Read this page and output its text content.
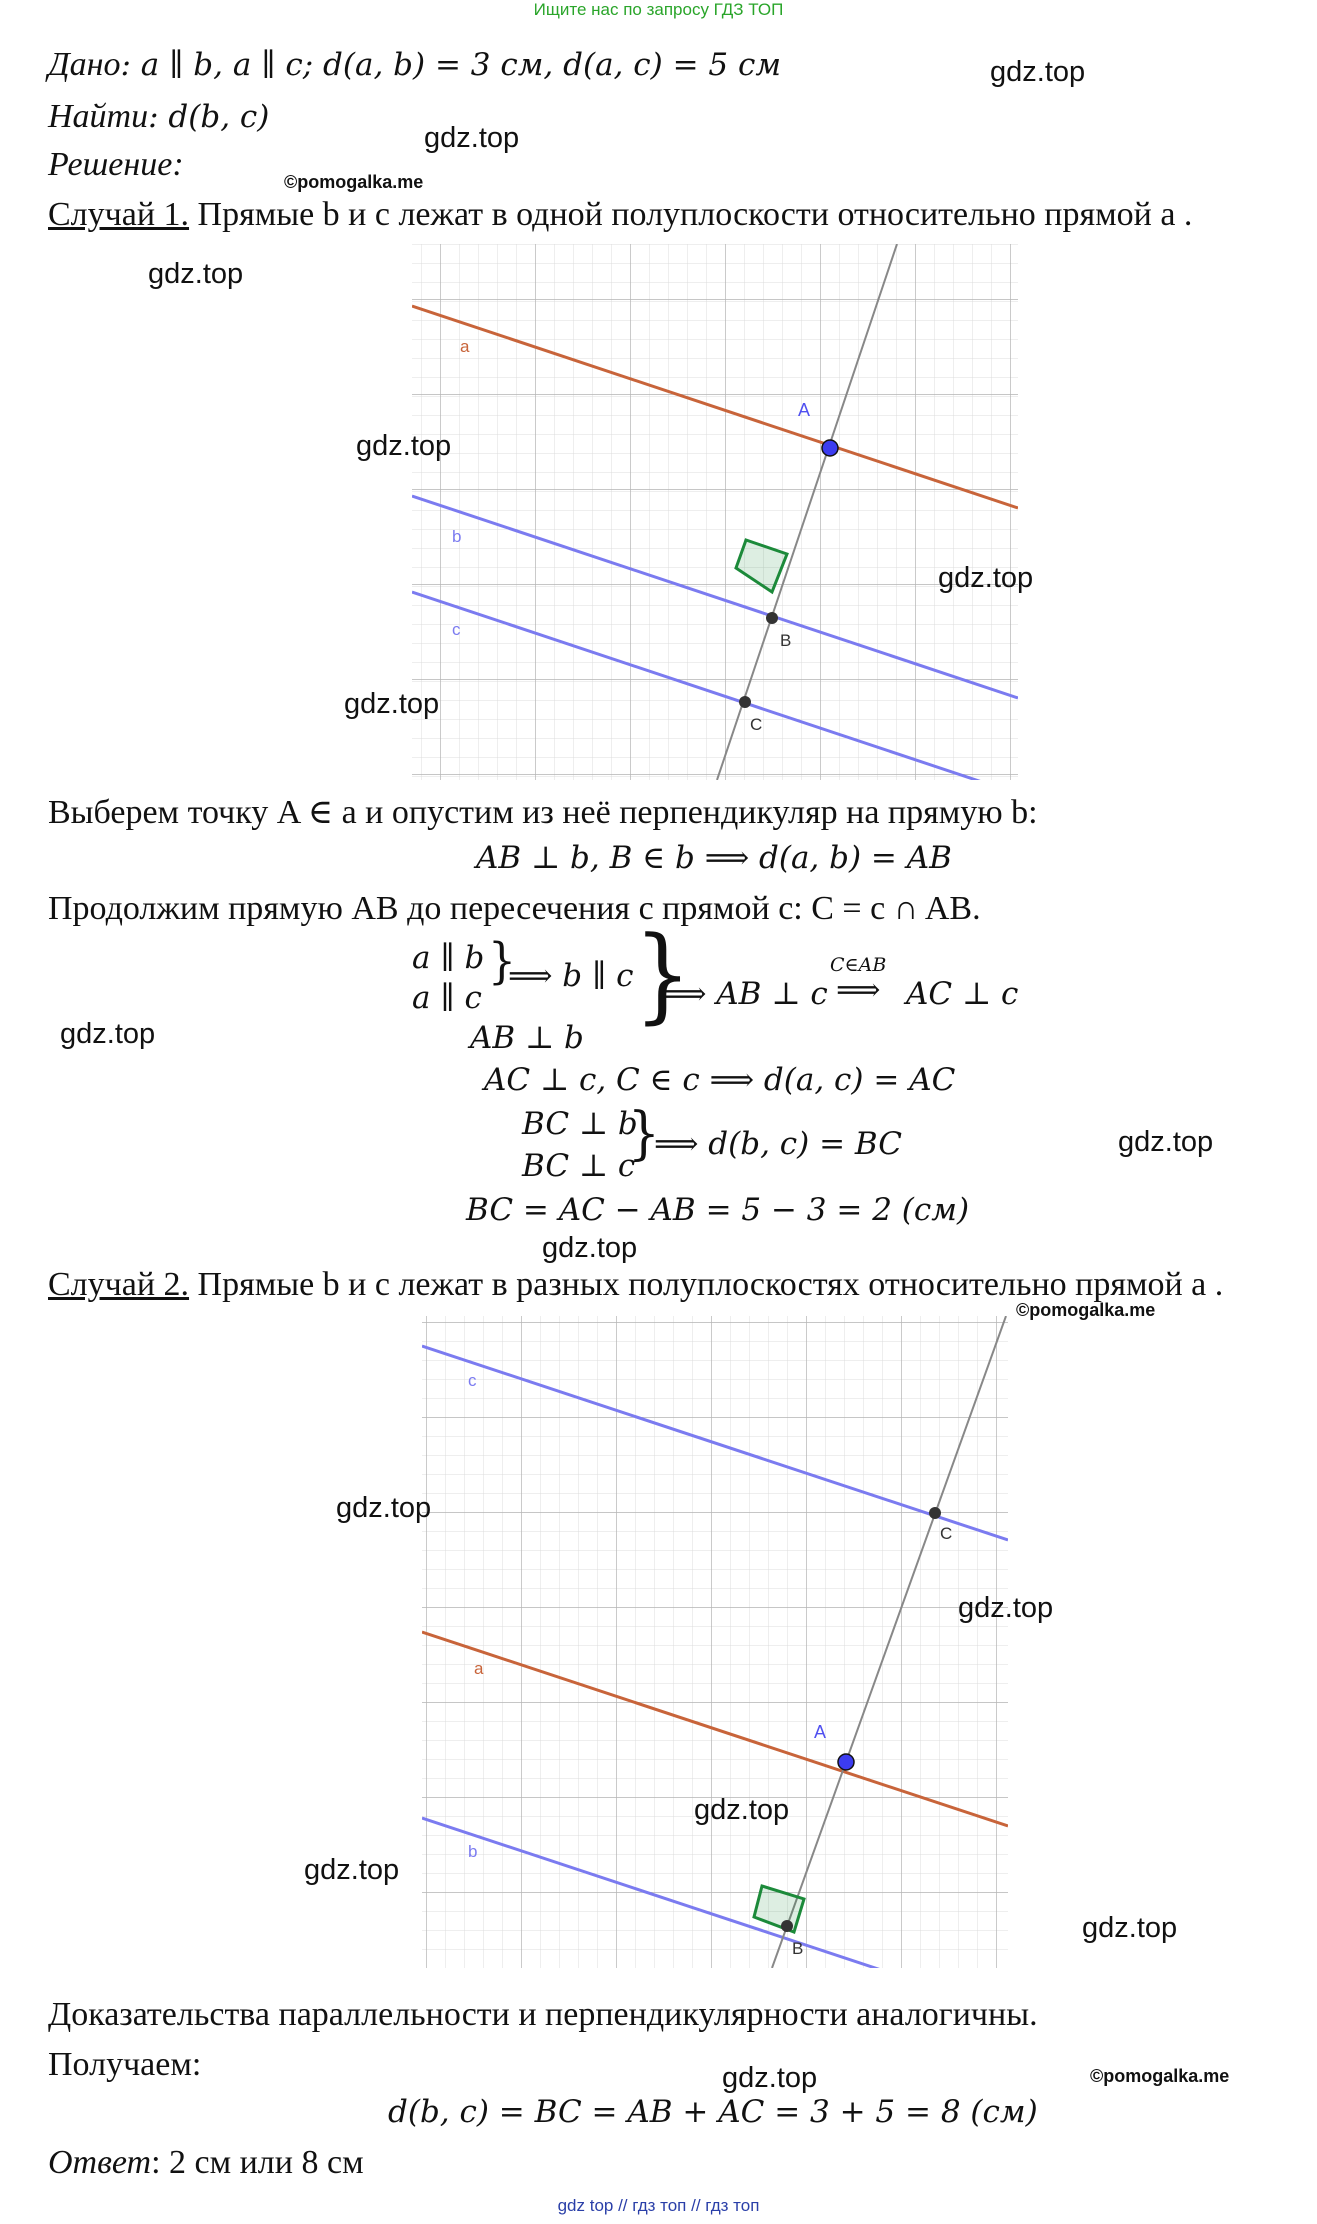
Ищите нас по запросу ГДЗ ТОП
Дано: a ∥ b, a ∥ c; d(a, b) = 3 см, d(a, c) = 5 см
Найти: d(b, c)
Решение:
Случай 1. Прямые b и c лежат в одной полуплоскости относительно прямой a .
a
b
c
A
B
C
Выберем точку A ∈ a и опустим из неё перпендикуляр на прямую b:
AB ⊥ b, B ∈ b ⟹ d(a, b) = AB
Продолжим прямую AB до пересечения с прямой c: C = c ∩ AB.
a ∥ b
a ∥ c
}
⟹ b ∥ c
AB ⊥ b
}
⟹ AB ⊥ c
C∈AB
⟹ AC ⊥ c
AC ⊥ c, C ∈ c ⟹ d(a, c) = AC
BC ⊥ b
BC ⊥ c
}
⟹ d(b, c) = BC
BC = AC − AB = 5 − 3 = 2 (см)
Случай 2. Прямые b и c лежат в разных полуплоскостях относительно прямой a .
c
a
b
C
A
B
Доказательства параллельности и перпендикулярности аналогичны.
Получаем:
d(b, c) = BC = AB + AC = 3 + 5 = 8 (см)
Ответ: 2 см или 8 см
gdz.top
gdz.top
©pomogalka.me
gdz.top
gdz.top
gdz.top
gdz.top
gdz.top
gdz.top
gdz.top
©pomogalka.me
gdz.top
gdz.top
gdz.top
gdz.top
gdz.top
gdz.top	©pomogalka.me
gdz top // гдз топ // гдз топ
